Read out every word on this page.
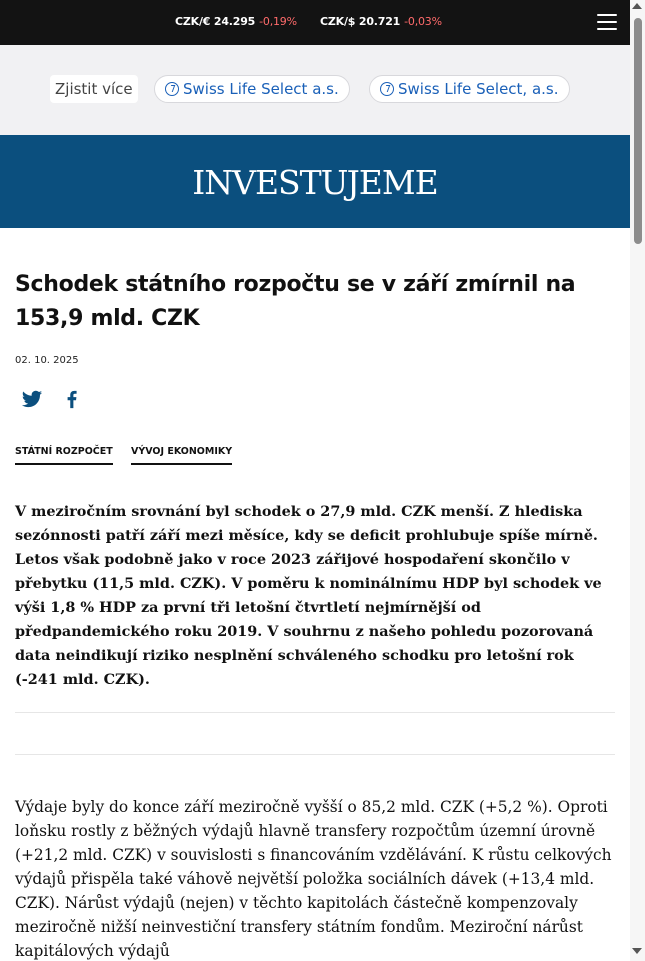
CZK/€ 24.295 -0,19% CZK/$ 20.721 -0,03%
Zjistit více	Swiss Life Select a.s.	Swiss Life Select, a.s.
INVESTUJEME
Schodek státního rozpočtu se v září zmírnil na 153,9 mld. CZK
02. 10. 2025
STÁTNÍ ROZPOČET VÝVOJ EKONOMIKY

V meziročním srovnání byl schodek o 27,9 mld. CZK menší. Z hlediska sezónnosti patří září mezi měsíce, kdy se deficit prohlubuje spíše mírně. Letos však podobně jako v roce 2023 zářijové hospodaření skončilo v přebytku (11,5 mld. CZK). V poměru k nominálnímu HDP byl schodek ve výši 1,8 % HDP za první tři letošní čtvrtletí nejmírnější od předpandemického roku 2019. V souhrnu z našeho pohledu pozorovaná data neindikují riziko nesplnění schváleného schodku pro letošní rok (-241 mld. CZK).

Výdaje byly do konce září meziročně vyšší o 85,2 mld. CZK (+5,2 %). Oproti loňsku rostly z běžných výdajů hlavně transfery rozpočtům územní úrovně (+21,2 mld. CZK) v souvislosti s financováním vzdělávání. K růstu celkových výdajů přispěla také váhově největší položka sociálních dávek (+13,4 mld. CZK). Nárůst výdajů (nejen) v těchto kapitolách částečně kompenzovaly meziročně nižší neinvestiční transfery státním fondům. Meziroční nárůst kapitálových výdajů
